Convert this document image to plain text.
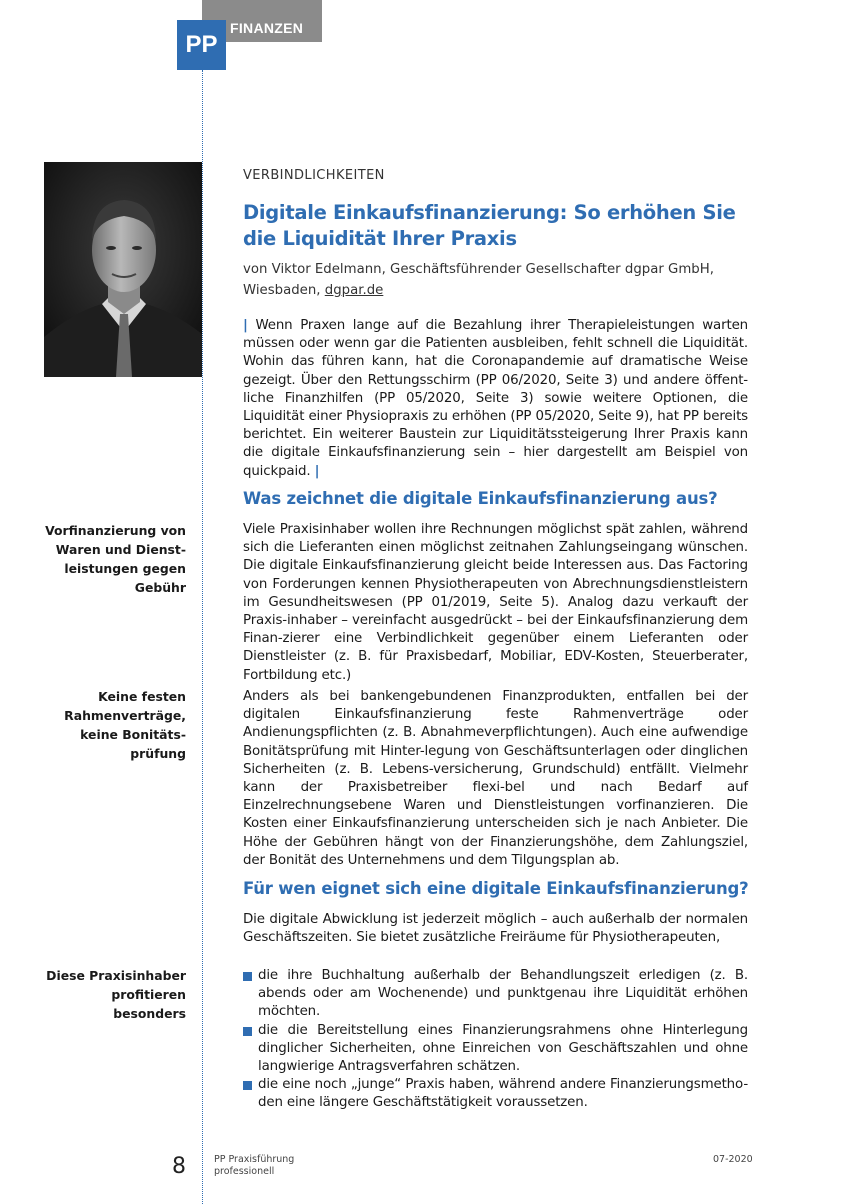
FINANZEN
PP
VERBINDLICHKEITEN
Digitale Einkaufsfinanzierung: So erhöhen Sie die Liquidität Ihrer Praxis
von Viktor Edelmann, Geschäftsführender Gesellschafter dgpar GmbH,
Wiesbaden, dgpar.de

| Wenn Praxen lange auf die Bezahlung ihrer Therapieleistungen warten müssen oder wenn gar die Patienten ausbleiben, fehlt schnell die Liquidität. Wohin das führen kann, hat die Coronapandemie auf dramatische Weise gezeigt. Über den Rettungsschirm (PP 06/2020, Seite 3) und andere öffent-liche Finanzhilfen (PP 05/2020, Seite 3) sowie weitere Optionen, die Liquidität einer Physiopraxis zu erhöhen (PP 05/2020, Seite 9), hat PP bereits berichtet. Ein weiterer Baustein zur Liquiditätssteigerung Ihrer Praxis kann die digitale Einkaufsfinanzierung sein – hier dargestellt am Beispiel von quickpaid. |

Was zeichnet die digitale Einkaufsfinanzierung aus?

Viele Praxisinhaber wollen ihre Rechnungen möglichst spät zahlen, während sich die Lieferanten einen möglichst zeitnahen Zahlungseingang wünschen. Die digitale Einkaufsfinanzierung gleicht beide Interessen aus. Das Factoring von Forderungen kennen Physiotherapeuten von Abrechnungsdienstleistern im Gesundheitswesen (PP 01/2019, Seite 5). Analog dazu verkauft der Praxis-inhaber – vereinfacht ausgedrückt – bei der Einkaufsfinanzierung dem Finan-zierer eine Verbindlichkeit gegenüber einem Lieferanten oder Dienstleister (z. B. für Praxisbedarf, Mobiliar, EDV-Kosten, Steuerberater, Fortbildung etc.)

Anders als bei bankengebundenen Finanzprodukten, entfallen bei der digitalen Einkaufsfinanzierung feste Rahmenverträge oder Andienungspflichten (z. B. Abnahmeverpflichtungen). Auch eine aufwendige Bonitätsprüfung mit Hinter-legung von Geschäftsunterlagen oder dinglichen Sicherheiten (z. B. Lebens-versicherung, Grundschuld) entfällt. Vielmehr kann der Praxisbetreiber flexi-bel und nach Bedarf auf Einzelrechnungsebene Waren und Dienstleistungen vorfinanzieren. Die Kosten einer Einkaufsfinanzierung unterscheiden sich je nach Anbieter. Die Höhe der Gebühren hängt von der Finanzierungshöhe, dem Zahlungsziel, der Bonität des Unternehmens und dem Tilgungsplan ab.

Für wen eignet sich eine digitale Einkaufsfinanzierung?

Die digitale Abwicklung ist jederzeit möglich – auch außerhalb der normalen Geschäftszeiten. Sie bietet zusätzliche Freiräume für Physiotherapeuten,

die ihre Buchhaltung außerhalb der Behandlungszeit erledigen (z. B. abends oder am Wochenende) und punktgenau ihre Liquidität erhöhen möchten.
die die Bereitstellung eines Finanzierungsrahmens ohne Hinterlegung dinglicher Sicherheiten, ohne Einreichen von Geschäftszahlen und ohne langwierige Antragsverfahren schätzen.
die eine noch „junge“ Praxis haben, während andere Finanzierungsmetho-den eine längere Geschäftstätigkeit voraussetzen.
Vorfinanzierung von Waren und Dienst-leistungen gegen Gebühr
Keine festen Rahmenverträge, keine Bonitäts-prüfung
Diese Praxisinhaber profitieren besonders
8	PP Praxisführung
professionell
07-2020
